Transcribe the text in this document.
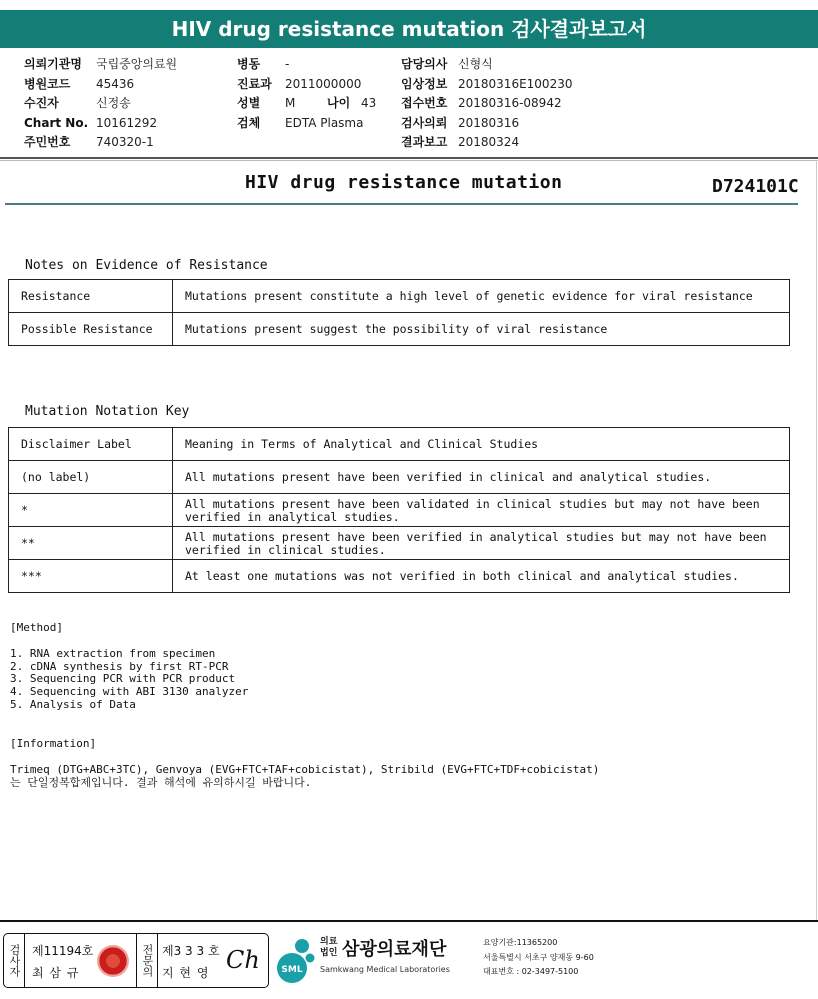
HIV drug resistance mutation 검사결과보고서
의뢰기관명 국립중앙의료원
병원코드 45436
수진자	신정송
Chart No. 10161292
주민번호 740320-1
병동 -
진료과 2011000000
성별 M	나이 43
검체 EDTA Plasma
담당의사 신형식
임상정보 20180316E100230
접수번호 20180316-08942
검사의뢰 20180316
결과보고 20180324
HIV drug resistance mutation	D724101C
Notes on Evidence of Resistance
Resistance	Mutations present constitute a high level of genetic evidence for viral resistance
Possible Resistance	Mutations present suggest the possibility of viral resistance
Mutation Notation Key
Disclaimer Label	Meaning in Terms of Analytical and Clinical Studies
(no label)	All mutations present have been verified in clinical and analytical studies.
*	All mutations present have been validated in clinical studies but may not have been verified in analytical studies.
**	All mutations present have been verified in analytical studies but may not have been verified in clinical studies.
***	At least one mutations was not verified in both clinical and analytical studies.
[Method]
1. RNA extraction from specimen
2. cDNA synthesis by first RT-PCR
3. Sequencing PCR with PCR product
4. Sequencing with ABI 3130 analyzer
5. Analysis of Data
[Information]
Trimeq (DTG+ABC+3TC), Genvoya (EVG+FTC+TAF+cobicistat), Stribild (EVG+FTC+TDF+cobicistat)
는 단일정복합제입니다. 결과 해석에 유의하시길 바랍니다.
검사자 제11194호
최 삼 규	전문의 제3 3 3 호
지 현 영 Ch SML
의료
법인 삼광의료재단
Samkwang Medical Laboratories
요양기관:11365200
서울특별시 서초구 양재동 9-60
대표번호 : 02-3497-5100
